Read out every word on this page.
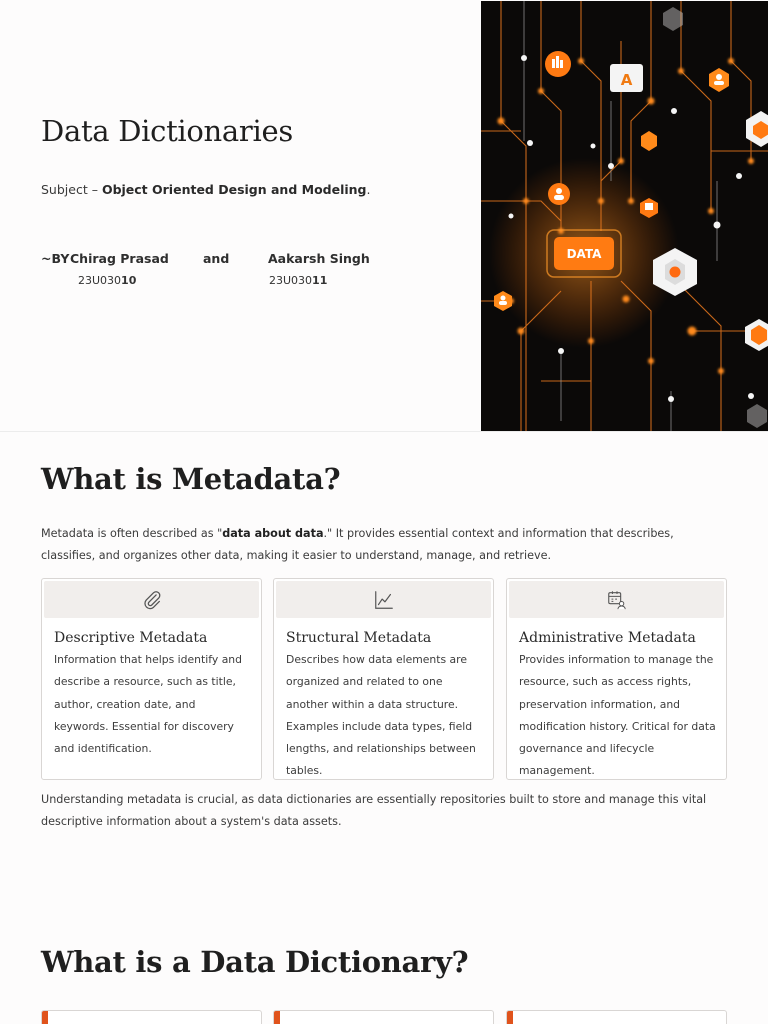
Data Dictionaries
Subject – Object Oriented Design and Modeling.
~BY Chirag Prasad	and	Aakarsh Singh
23U03010	23U03011
A
DATA
What is Metadata?

Metadata is often described as "data about data." It provides essential context and information that describes, classifies, and organizes other data, making it easier to understand, manage, and retrieve.

Descriptive Metadata

Information that helps identify and describe a resource, such as title, author, creation date, and keywords. Essential for discovery and identification.

Structural Metadata

Describes how data elements are organized and related to one another within a data structure. Examples include data types, field lengths, and relationships between tables.

Administrative Metadata

Provides information to manage the resource, such as access rights, preservation information, and modification history. Critical for data governance and lifecycle management.

Understanding metadata is crucial, as data dictionaries are essentially repositories built to store and manage this vital descriptive information about a system's data assets.

What is a Data Dictionary?
